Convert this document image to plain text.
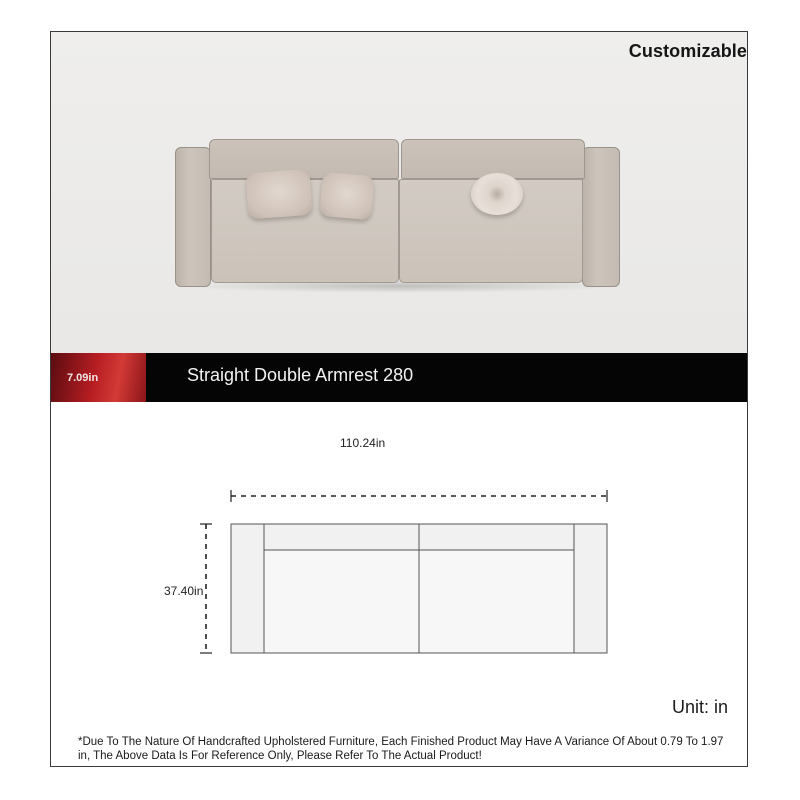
Customizable
7.09in	Straight Double Armrest 280
110.24in
37.40in
Unit: in
*Due To The Nature Of Handcrafted Upholstered Furniture, Each Finished Product May Have A Variance Of About 0.79 To 1.97 in, The Above Data Is For Reference Only, Please Refer To The Actual Product!
